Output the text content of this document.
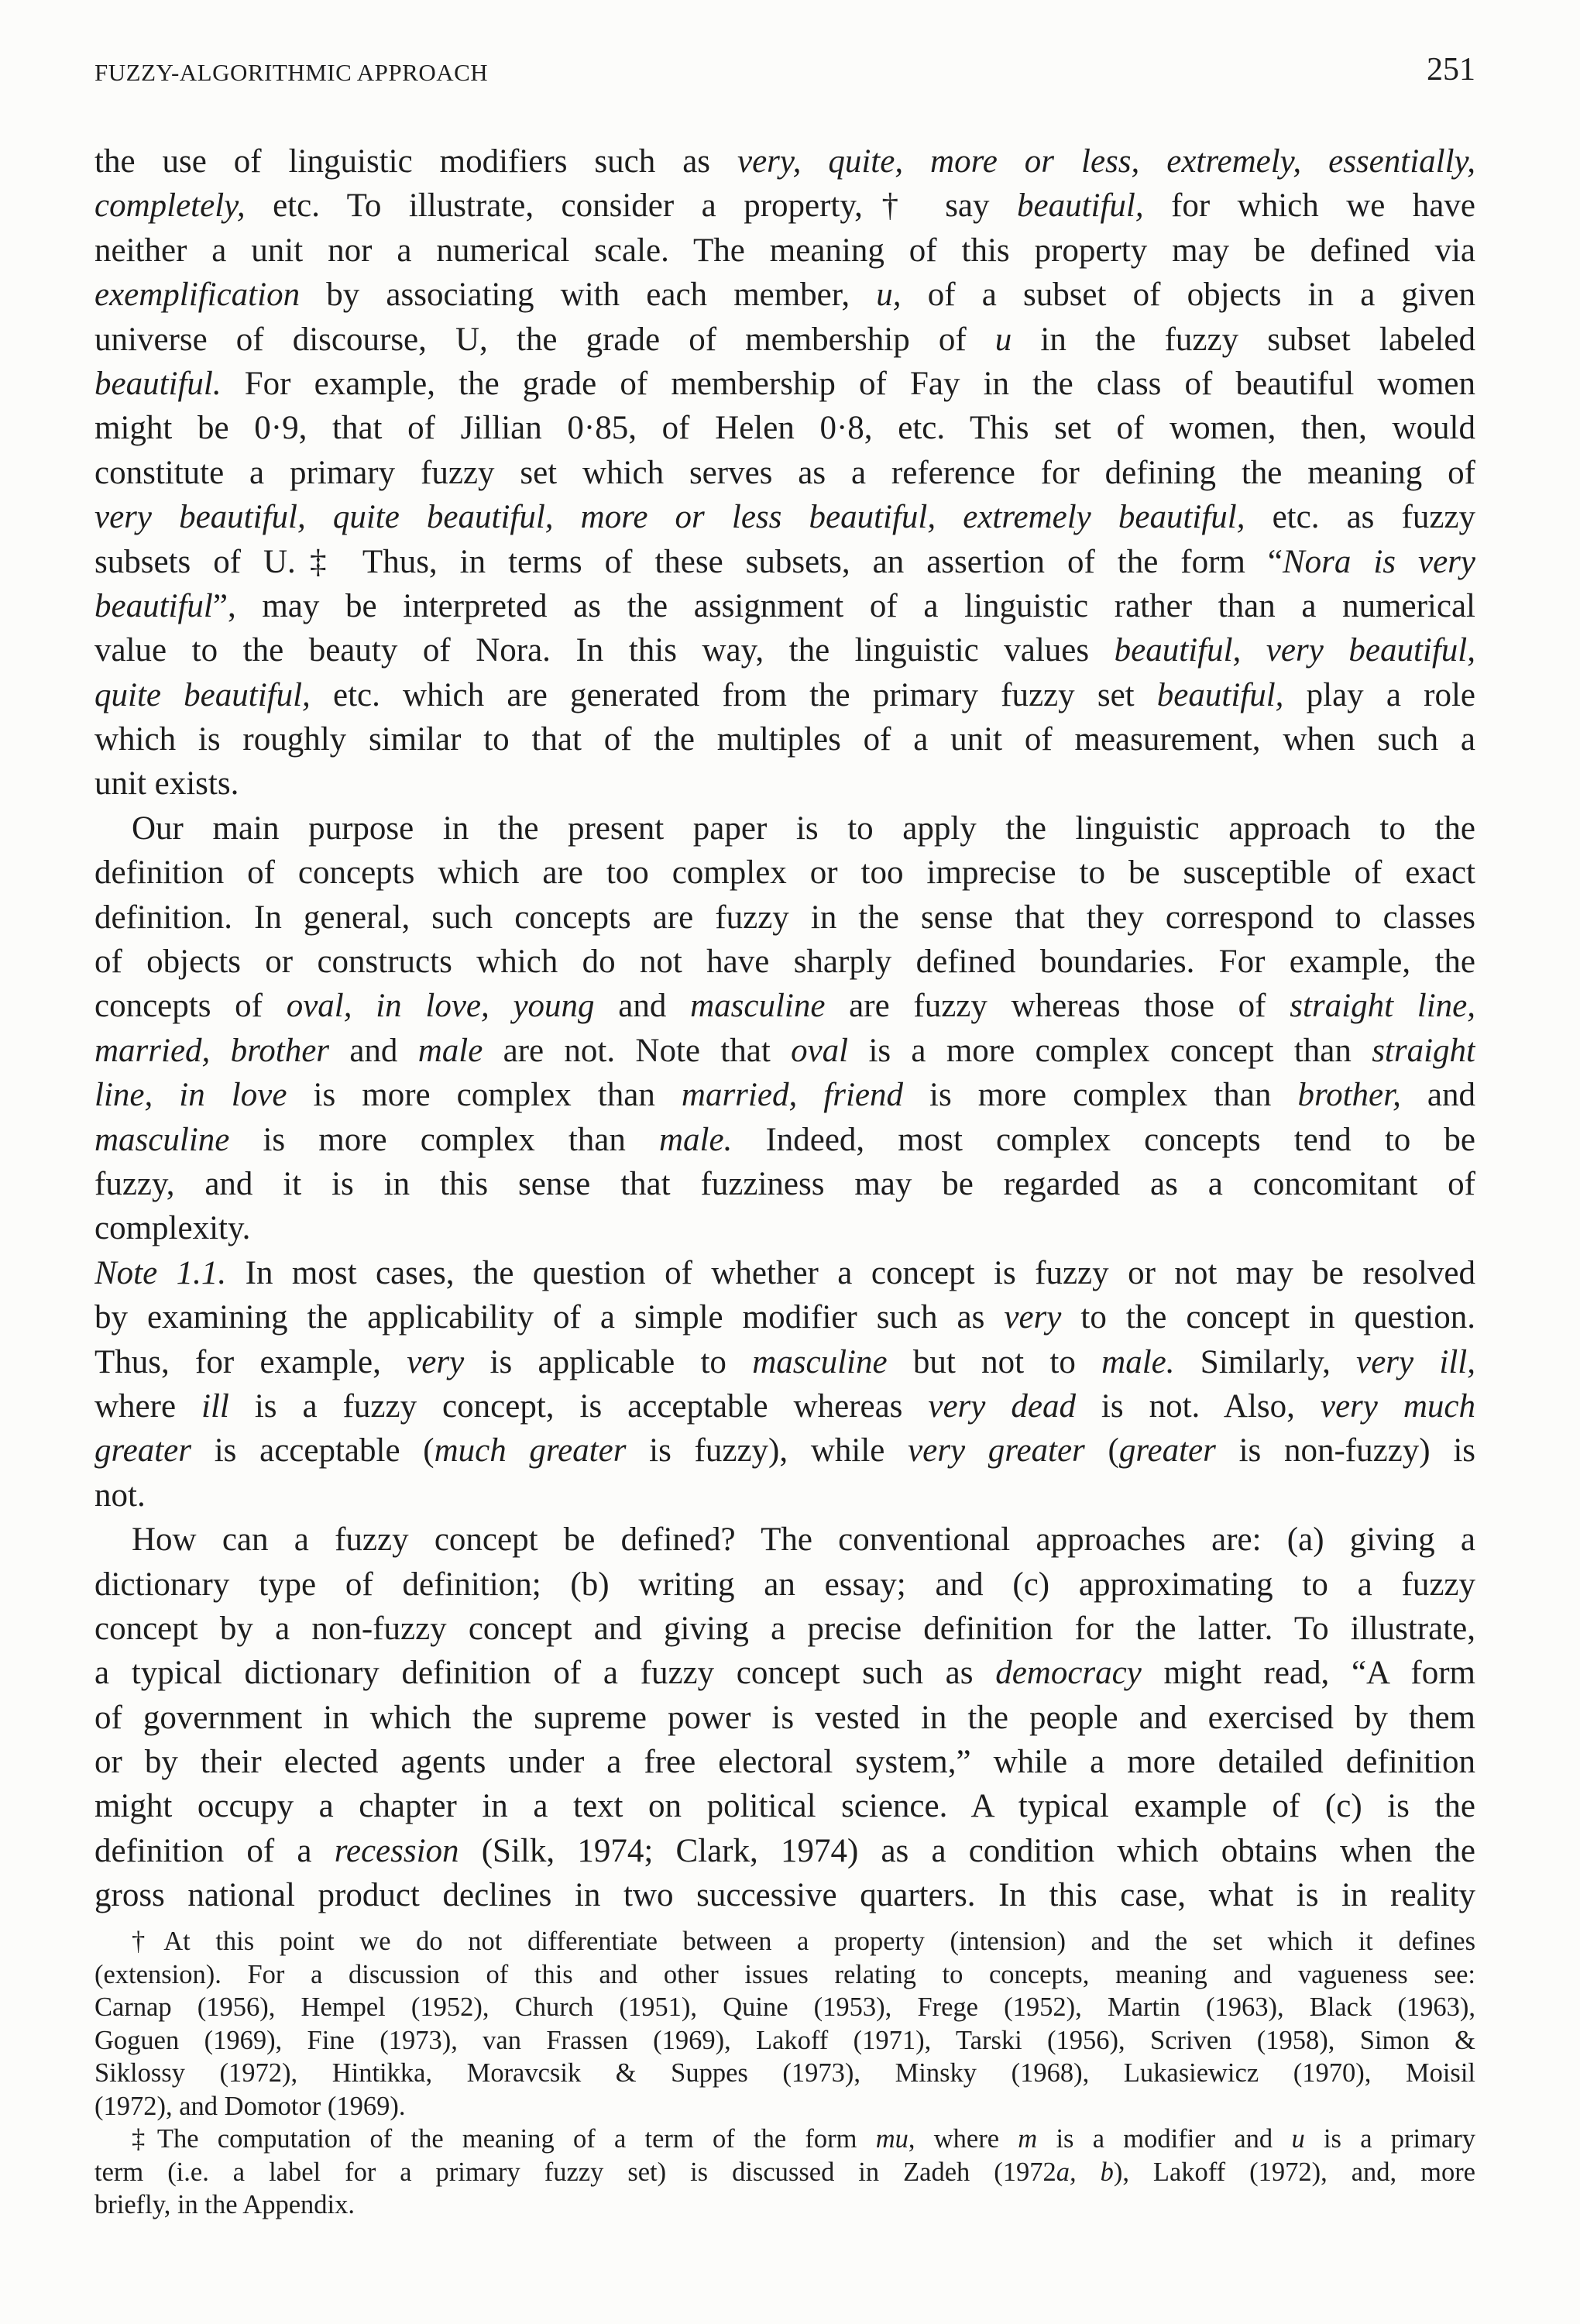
FUZZY-ALGORITHMIC APPROACH	251
the use of linguistic modifiers such as very, quite, more or less, extremely, essentially,
completely, etc. To illustrate, consider a property,† say beautiful, for which we have
neither a unit nor a numerical scale. The meaning of this property may be defined via
exemplification by associating with each member, u, of a subset of objects in a given
universe of discourse, U, the grade of membership of u in the fuzzy subset labeled
beautiful. For example, the grade of membership of Fay in the class of beautiful women
might be 0·9, that of Jillian 0·85, of Helen 0·8, etc. This set of women, then, would
constitute a primary fuzzy set which serves as a reference for defining the meaning of
very beautiful, quite beautiful, more or less beautiful, extremely beautiful, etc. as fuzzy
subsets of U.‡ Thus, in terms of these subsets, an assertion of the form “Nora is very
beautiful”, may be interpreted as the assignment of a linguistic rather than a numerical
value to the beauty of Nora. In this way, the linguistic values beautiful, very beautiful,
quite beautiful, etc. which are generated from the primary fuzzy set beautiful, play a role
which is roughly similar to that of the multiples of a unit of measurement, when such a
unit exists.
Our main purpose in the present paper is to apply the linguistic approach to the
definition of concepts which are too complex or too imprecise to be susceptible of exact
definition. In general, such concepts are fuzzy in the sense that they correspond to classes
of objects or constructs which do not have sharply defined boundaries. For example, the
concepts of oval, in love, young and masculine are fuzzy whereas those of straight line,
married, brother and male are not. Note that oval is a more complex concept than straight
line, in love is more complex than married, friend is more complex than brother, and
masculine is more complex than male. Indeed, most complex concepts tend to be
fuzzy, and it is in this sense that fuzziness may be regarded as a concomitant of
complexity.
Note 1.1. In most cases, the question of whether a concept is fuzzy or not may be resolved
by examining the applicability of a simple modifier such as very to the concept in question.
Thus, for example, very is applicable to masculine but not to male. Similarly, very ill,
where ill is a fuzzy concept, is acceptable whereas very dead is not. Also, very much
greater is acceptable (much greater is fuzzy), while very greater (greater is non-fuzzy) is
not.
How can a fuzzy concept be defined? The conventional approaches are: (a) giving a
dictionary type of definition; (b) writing an essay; and (c) approximating to a fuzzy
concept by a non-fuzzy concept and giving a precise definition for the latter. To illustrate,
a typical dictionary definition of a fuzzy concept such as democracy might read, “A form
of government in which the supreme power is vested in the people and exercised by them
or by their elected agents under a free electoral system,” while a more detailed definition
might occupy a chapter in a text on political science. A typical example of (c) is the
definition of a recession (Silk, 1974; Clark, 1974) as a condition which obtains when the
gross national product declines in two successive quarters. In this case, what is in reality
†At this point we do not differentiate between a property (intension) and the set which it defines
(extension). For a discussion of this and other issues relating to concepts, meaning and vagueness see:
Carnap (1956), Hempel (1952), Church (1951), Quine (1953), Frege (1952), Martin (1963), Black (1963),
Goguen (1969), Fine (1973), van Frassen (1969), Lakoff (1971), Tarski (1956), Scriven (1958), Simon &
Siklossy (1972), Hintikka, Moravcsik & Suppes (1973), Minsky (1968), Lukasiewicz (1970), Moisil
(1972), and Domotor (1969).
‡The computation of the meaning of a term of the form mu, where m is a modifier and u is a primary
term (i.e. a label for a primary fuzzy set) is discussed in Zadeh (1972a, b), Lakoff (1972), and, more
briefly, in the Appendix.
